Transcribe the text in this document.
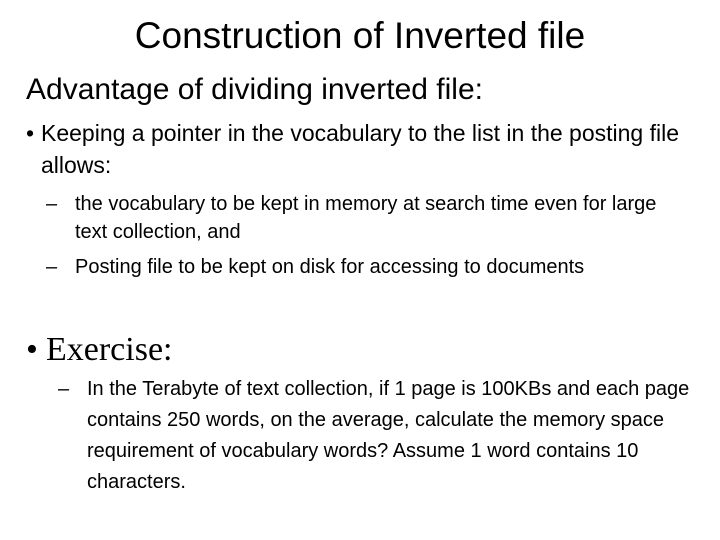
Construction of Inverted file

Advantage of dividing inverted file:

• Keeping a pointer in the vocabulary to the list in the posting file allows:
– the vocabulary to be kept in memory at search time even for large text collection, and
– Posting file to be kept on disk for accessing to documents
• Exercise:
– In the Terabyte of text collection, if 1 page is 100KBs and each page contains 250 words, on the average, calculate the memory space requirement of vocabulary words? Assume 1 word contains 10 characters.
